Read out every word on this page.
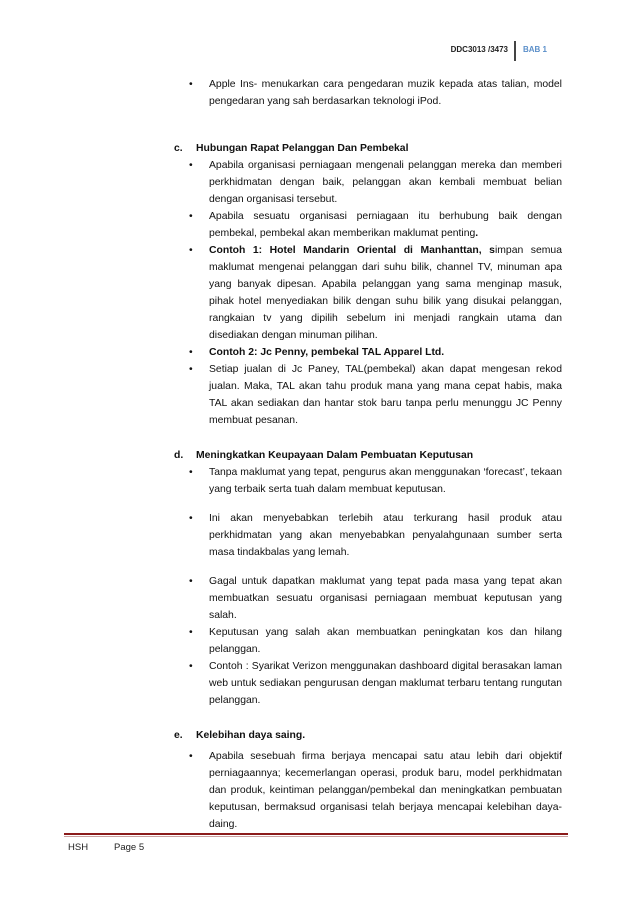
DDC3013 /3473 BAB 1
•	Apple Ins- menukarkan cara pengedaran muzik kepada atas talian, model pengedaran yang sah berdasarkan teknologi iPod.
c.	Hubungan Rapat Pelanggan Dan Pembekal
•	Apabila organisasi perniagaan mengenali pelanggan mereka dan memberi perkhidmatan dengan baik, pelanggan akan kembali membuat belian dengan organisasi tersebut.
•	Apabila sesuatu organisasi perniagaan itu berhubung baik dengan pembekal, pembekal akan memberikan maklumat penting.
•	Contoh 1: Hotel Mandarin Oriental di Manhanttan, simpan semua maklumat mengenai pelanggan dari suhu bilik, channel TV, minuman apa yang banyak dipesan. Apabila pelanggan yang sama menginap masuk, pihak hotel menyediakan bilik dengan suhu bilik yang disukai pelanggan, rangkaian tv yang dipilih sebelum ini menjadi rangkain utama dan disediakan dengan minuman pilihan.
•	Contoh 2: Jc Penny, pembekal TAL Apparel Ltd.
•	Setiap jualan di Jc Paney, TAL(pembekal) akan dapat mengesan rekod jualan. Maka, TAL akan tahu produk mana yang mana cepat habis, maka TAL akan sediakan dan hantar stok baru tanpa perlu menunggu JC Penny membuat pesanan.
d.	Meningkatkan Keupayaan Dalam Pembuatan Keputusan
•	Tanpa maklumat yang tepat, pengurus akan menggunakan ‘forecast’, tekaan yang terbaik serta tuah dalam membuat keputusan.
•	Ini akan menyebabkan terlebih atau terkurang hasil produk atau perkhidmatan yang akan menyebabkan penyalahgunaan sumber serta masa tindakbalas yang lemah.
•	Gagal untuk dapatkan maklumat yang tepat pada masa yang tepat akan membuatkan sesuatu organisasi perniagaan membuat keputusan yang salah.
•	Keputusan yang salah akan membuatkan peningkatan kos dan hilang pelanggan.
•	Contoh : Syarikat Verizon menggunakan dashboard digital berasakan laman web untuk sediakan pengurusan dengan maklumat terbaru tentang rungutan pelanggan.
e.	Kelebihan daya saing.
•	Apabila sesebuah firma berjaya mencapai satu atau lebih dari objektif perniagaannya; kecemerlangan operasi, produk baru, model perkhidmatan dan produk, keintiman pelanggan/pembekal dan meningkatkan pembuatan keputusan, bermaksud organisasi telah berjaya mencapai kelebihan daya-daing.
HSH	Page 5
